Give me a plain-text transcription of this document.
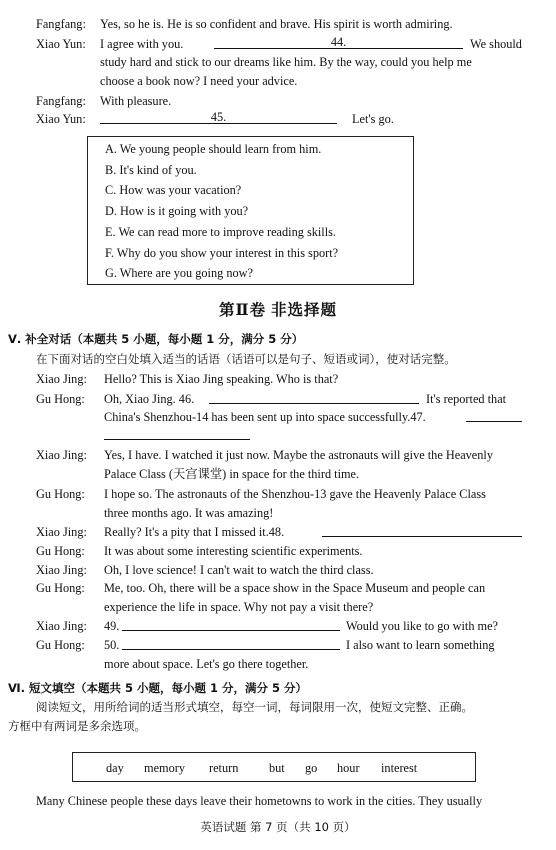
Fangfang: Yes, so he is. He is so confident and brave. His spirit is worth admiring.
Xiao Yun: I agree with you.	44.	We should
study hard and stick to our dreams like him. By the way, could you help me
choose a book now? I need your advice.
Fangfang: With pleasure.
Xiao Yun:	45.	Let's go.
A. We young people should learn from him.
B. It's kind of you.
C. How was your vacation?
D. How is it going with you?
E. We can read more to improve reading skills.
F. Why do you show your interest in this sport?
G. Where are you going now?
第Ⅱ卷 非选择题
Ⅴ. 补全对话（本题共 5 小题，每小题 1 分，满分 5 分）
在下面对话的空白处填入适当的话语（话语可以是句子、短语或词），使对话完整。
Xiao Jing: Hello? This is Xiao Jing speaking. Who is that?
Gu Hong: Oh, Xiao Jing. 46.	It's reported that
China's Shenzhou-14 has been sent up into space successfully.47.
Xiao Jing: Yes, I have. I watched it just now. Maybe the astronauts will give the Heavenly
Palace Class (天宫课堂) in space for the third time.
Gu Hong: I hope so. The astronauts of the Shenzhou-13 gave the Heavenly Palace Class
three months ago. It was amazing!
Xiao Jing: Really? It's a pity that I missed it.48.
Gu Hong: It was about some interesting scientific experiments.
Xiao Jing: Oh, I love science! I can't wait to watch the third class.
Gu Hong: Me, too. Oh, there will be a space show in the Space Museum and people can
experience the life in space. Why not pay a visit there?
Xiao Jing: 49.	Would you like to go with me?
Gu Hong: 50.	I also want to learn something
more about space. Let's go there together.
Ⅵ. 短文填空（本题共 5 小题，每小题 1 分，满分 5 分）
阅读短文，用所给词的适当形式填空，每空一词，每词限用一次，使短文完整、正确。
方框中有两词是多余选项。
day memory return but go hour interest
Many Chinese people these days leave their hometowns to work in the cities. They usually
英语试题 第 7 页（共 10 页）
